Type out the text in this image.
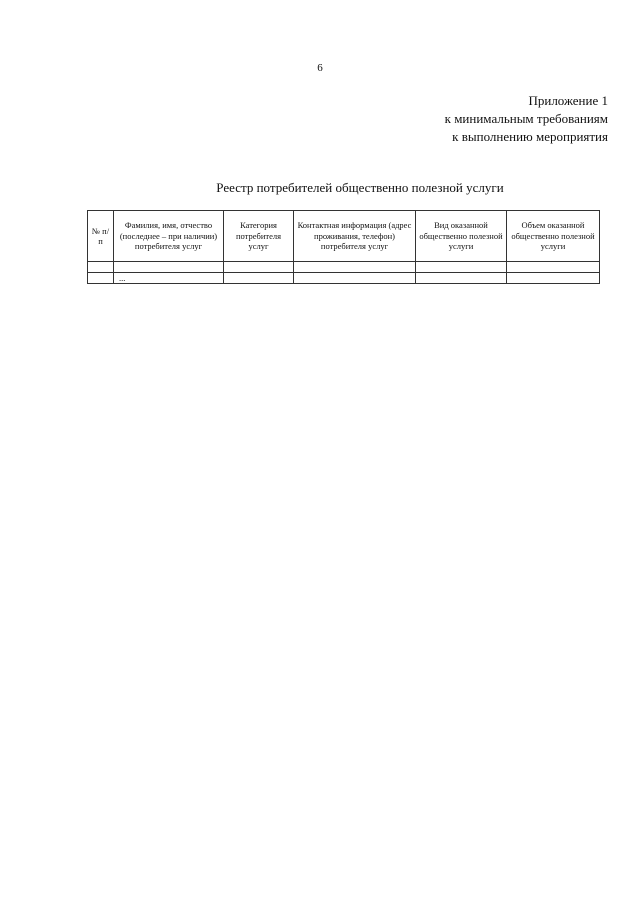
6
Приложение 1
к минимальным требованиям
к выполнению мероприятия
Реестр потребителей общественно полезной услуги
№ п/п	Фамилия, имя, отчество (последнее – при наличии) потребителя услуг	Категория потребителя услуг	Контактная информация (адрес проживания, телефон) потребителя услуг	Вид оказанной общественно полезной услуги	Объем оказанной общественно полезной услуги

	...				
